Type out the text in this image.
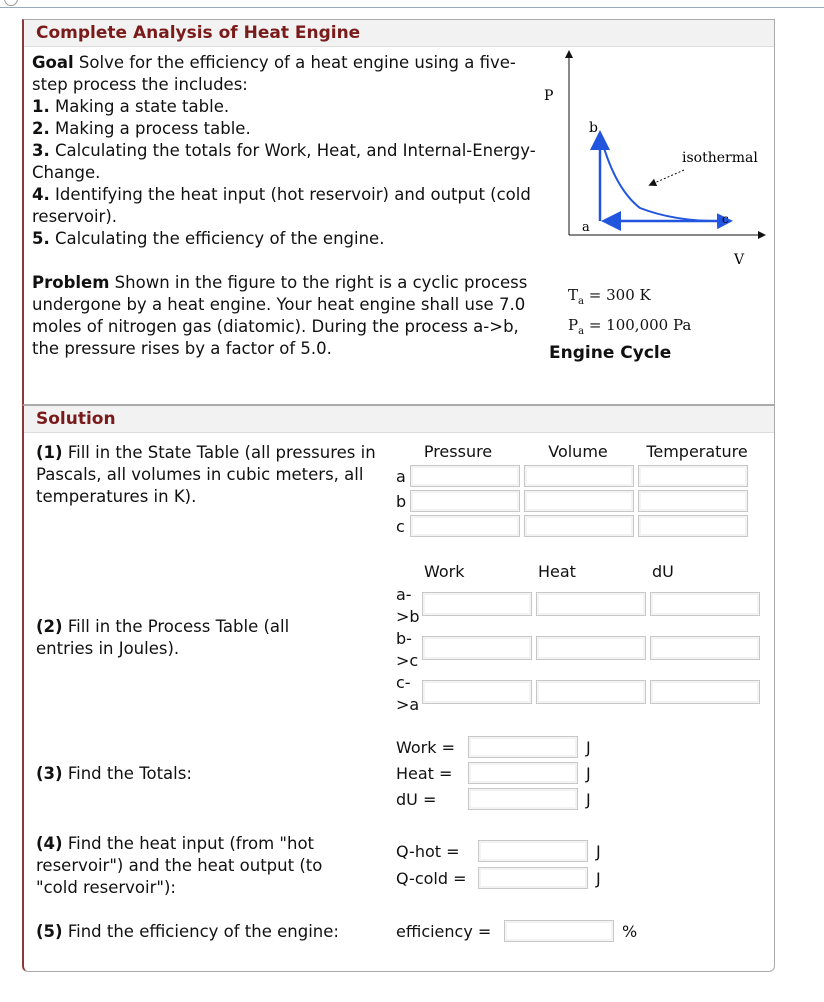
Complete Analysis of Heat Engine
Goal Solve for the efficiency of a heat engine using a five-step process the includes:
1. Making a state table.
2. Making a process table.
3. Calculating the totals for Work, Heat, and Internal-Energy-Change.
4. Identifying the heat input (hot reservoir) and output (cold reservoir).
5. Calculating the efficiency of the engine.
Problem Shown in the figure to the right is a cyclic process undergone by a heat engine. Your heat engine shall use 7.0 moles of nitrogen gas (diatomic). During the process a->b, the pressure rises by a factor of 5.0.
P
V
a
b
c
isothermal
$T_a = 300$ K
$P_a = 100,000$ Pa
Engine Cycle
Solution
(1) Fill in the State Table (all pressures in Pascals, all volumes in cubic meters, all temperatures in K).
Pressure	Volume	Temperature
a
b
c
(2) Fill in the Process Table (all entries in Joules).
Work	Heat	dU
a-
>b
b-
>c
c-
>a
(3) Find the Totals:
Work =
Heat =
dU =
J
J
J
(4) Find the heat input (from "hot reservoir") and the heat output (to "cold reservoir"):
Q-hot =
Q-cold =
J
J
(5) Find the efficiency of the engine:	efficiency =	%
